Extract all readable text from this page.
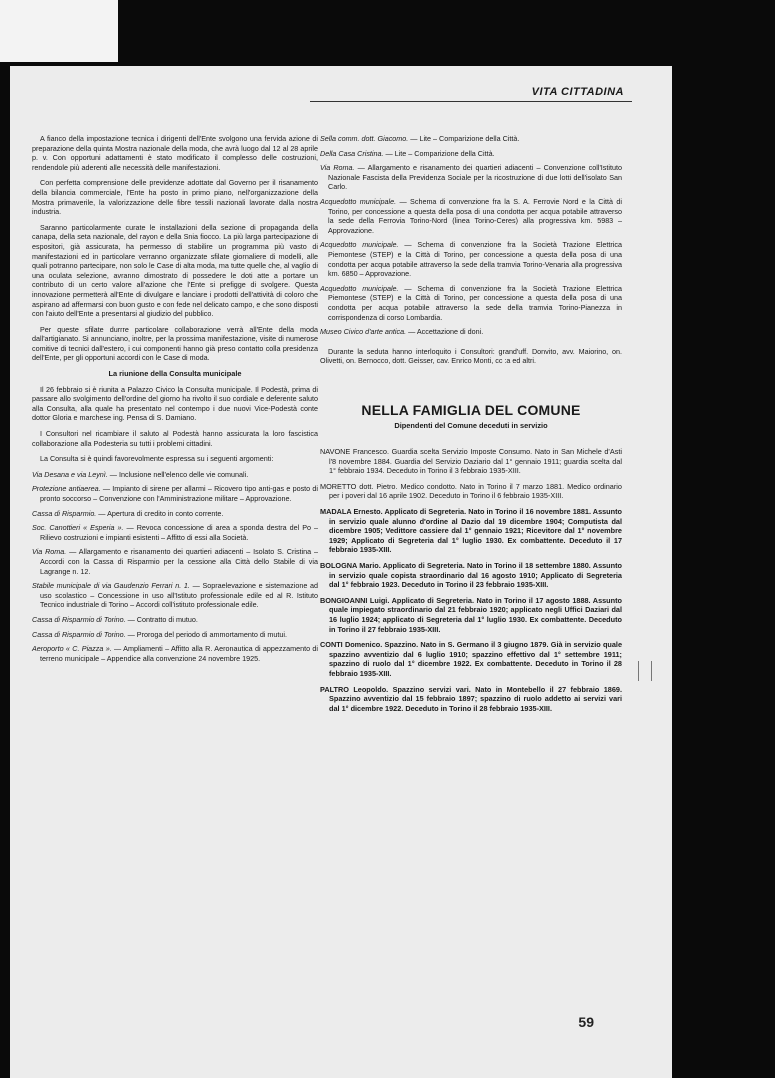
VITA CITTADINA

A fianco della impostazione tecnica i dirigenti dell'Ente svolgono una fervida azione di preparazione della quinta Mostra nazionale della moda, che avrà luogo dal 12 al 28 aprile p. v. Con opportuni adattamenti è stato modificato il complesso delle costruzioni, rendendole più aderenti alle necessità delle manifestazioni.

Con perfetta comprensione delle previdenze adottate dal Governo per il risanamento della bilancia commerciale, l'Ente ha posto in primo piano, nell'organizzazione della Mostra primaverile, la valorizzazione delle fibre tessili nazionali lavorate dalla nostra industria.

Saranno particolarmente curate le installazioni della sezione di propaganda della canapa, della seta nazionale, del rayon e della Snia fiocco. La più larga partecipazione di espositori, già assicurata, ha permesso di stabilire un programma più vasto di manifestazioni ed in particolare verranno organizzate sfilate giornaliere di modelli, alle quali potranno partecipare, non solo le Case di alta moda, ma tutte quelle che, al vaglio di una oculata selezione, avranno dimostrato di possedere le doti atte a portare un contributo di un certo valore all'azione che l'Ente si prefigge di svolgere. Questa innovazione permetterà all'Ente di divulgare e lanciare i prodotti dell'attività di coloro che aspirano ad affermarsi con buon gusto e con fede nel delicato campo, e che sono disposti con l'aiuto dell'Ente a presentarsi al giudizio del pubblico.

Per queste sfilate durrre particolare collaborazione verrà all'Ente della moda dall'artigianato. Si annunciano, inoltre, per la prossima manifestazione, visite di numerose comitive di tecnici dall'estero, i cui componenti hanno già preso contatto colla presidenza dell'Ente, per gli opportuni accordi con le Case di moda.

La riunione della Consulta municipale

Il 26 febbraio si è riunita a Palazzo Civico la Consulta municipale. Il Podestà, prima di passare allo svolgimento dell'ordine del giorno ha rivolto il suo cordiale e deferente saluto alla Consulta, alla quale ha presentato nel contempo i due nuovi Vice-Podestà conte dottor Gloria e marchese ing. Pensa di S. Damiano.

I Consultori nel ricambiare il saluto al Podestà hanno assicurata la loro fascistica collaborazione alla Podesteria su tutti i problemi cittadini.

La Consulta si è quindi favorevolmente espressa su i seguenti argomenti:

Via Desana e via Leynì. — Inclusione nell'elenco delle vie comunali.
Protezione antiaerea. — Impianto di sirene per allarmi – Ricovero tipo anti-gas e posto di pronto soccorso – Convenzione con l'Amministrazione militare – Approvazione.
Cassa di Risparmio. — Apertura di credito in conto corrente.
Soc. Canottieri « Esperia ». — Revoca concessione di area a sponda destra del Po – Rilievo costruzioni e impianti esistenti – Affitto di essi alla Società.
Via Roma. — Allargamento e risanamento dei quartieri adiacenti – Isolato S. Cristina – Accordi con la Cassa di Risparmio per la cessione alla Città dello Stabile di via Lagrange n. 12.
Stabile municipale di via Gaudenzio Ferrari n. 1. — Sopraelevazione e sistemazione ad uso scolastico – Concessione in uso all'Istituto professionale edile ed al R. Istituto Tecnico industriale di Torino – Accordi coll'istituto professionale edile.
Cassa di Risparmio di Torino. — Contratto di mutuo.
Cassa di Risparmio di Torino. — Proroga del periodo di ammortamento di mutui.
Aeroporto « C. Piazza ». — Ampliamenti – Affitto alla R. Aeronautica di appezzamento di terreno municipale – Appendice alla convenzione 24 novembre 1925.
Sella comm. dott. Giacomo. — Lite – Comparizione della Città.
Della Casa Cristina. — Lite – Comparizione della Città.
Via Roma. — Allargamento e risanamento dei quartieri adiacenti – Convenzione coll'Istituto Nazionale Fascista della Previdenza Sociale per la ricostruzione di due lotti dell'isolato San Carlo.
Acquedotto municipale. — Schema di convenzione fra la S. A. Ferrovie Nord e la Città di Torino, per concessione a questa della posa di una condotta per acqua potabile attraverso la sede della Ferrovia Torino-Nord (linea Torino-Ceres) alla progressiva km. 5983 – Approvazione.
Acquedotto municipale. — Schema di convenzione fra la Società Trazione Elettrica Piemontese (STEP) e la Città di Torino, per concessione a questa della posa di una condotta per acqua potabile attraverso la sede della tramvia Torino-Venaria alla progressiva km. 6850 – Approvazione.
Acquedotto municipale. — Schema di convenzione fra la Società Trazione Elettrica Piemontese (STEP) e la Città di Torino, per concessione a questa della posa di una condotta per acqua potabile attraverso la sede della tramvia Torino-Pianezza in corrispondenza di corso Lombardia.
Museo Civico d'arte antica. — Accettazione di doni.

Durante la seduta hanno interloquito i Consultori: grand'uff. Donvito, avv. Maiorino, on. Olivetti, on. Bernocco, dott. Geisser, cav. Enrico Monti, cc :a ed altri.

NELLA FAMIGLIA DEL COMUNE
Dipendenti del Comune deceduti in servizio
NAVONE Francesco. Guardia scelta Servizio Imposte Consumo. Nato in San Michele d'Asti l'8 novembre 1884. Guardia del Servizio Daziario dal 1° gennaio 1911; guardia scelta dal 1° febbraio 1934. Deceduto in Torino il 3 febbraio 1935-XIII.
MORETTO dott. Pietro. Medico condotto. Nato in Torino il 7 marzo 1881. Medico ordinario per i poveri dal 16 aprile 1902. Deceduto in Torino il 6 febbraio 1935-XIII.
MADALA Ernesto. Applicato di Segreteria. Nato in Torino il 16 novembre 1881. Assunto in servizio quale alunno d'ordine al Dazio dal 19 dicembre 1904; Computista dal dicembre 1905; Vedittore cassiere dal 1° gennaio 1921; Ricevitore dal 1° novembre 1929; Applicato di Segreteria dal 1° luglio 1930. Ex combattente. Deceduto il 17 febbraio 1935-XIII.
BOLOGNA Mario. Applicato di Segreteria. Nato in Torino il 18 settembre 1880. Assunto in servizio quale copista straordinario dal 16 agosto 1910; Applicato di Segreteria dal 1° febbraio 1923. Deceduto in Torino il 23 febbraio 1935-XIII.
BONGIOANNI Luigi. Applicato di Segreteria. Nato in Torino il 17 agosto 1888. Assunto quale impiegato straordinario dal 21 febbraio 1920; applicato negli Uffici Daziari dal 16 luglio 1924; applicato di Segreteria dal 1° luglio 1930. Ex combattente. Deceduto in Torino il 27 febbraio 1935-XIII.
CONTI Domenico. Spazzino. Nato in S. Germano il 3 giugno 1879. Già in servizio quale spazzino avventizio dal 6 luglio 1910; spazzino effettivo dal 1° settembre 1911; spazzino di ruolo dal 1° dicembre 1922. Ex combattente. Deceduto in Torino il 28 febbraio 1935-XIII.
PALTRO Leopoldo. Spazzino servizi vari. Nato in Montebello il 27 febbraio 1869. Spazzino avventizio dal 15 febbraio 1897; spazzino di ruolo addetto ai servizi vari dal 1° dicembre 1922. Deceduto in Torino il 28 febbraio 1935-XIII.
59
